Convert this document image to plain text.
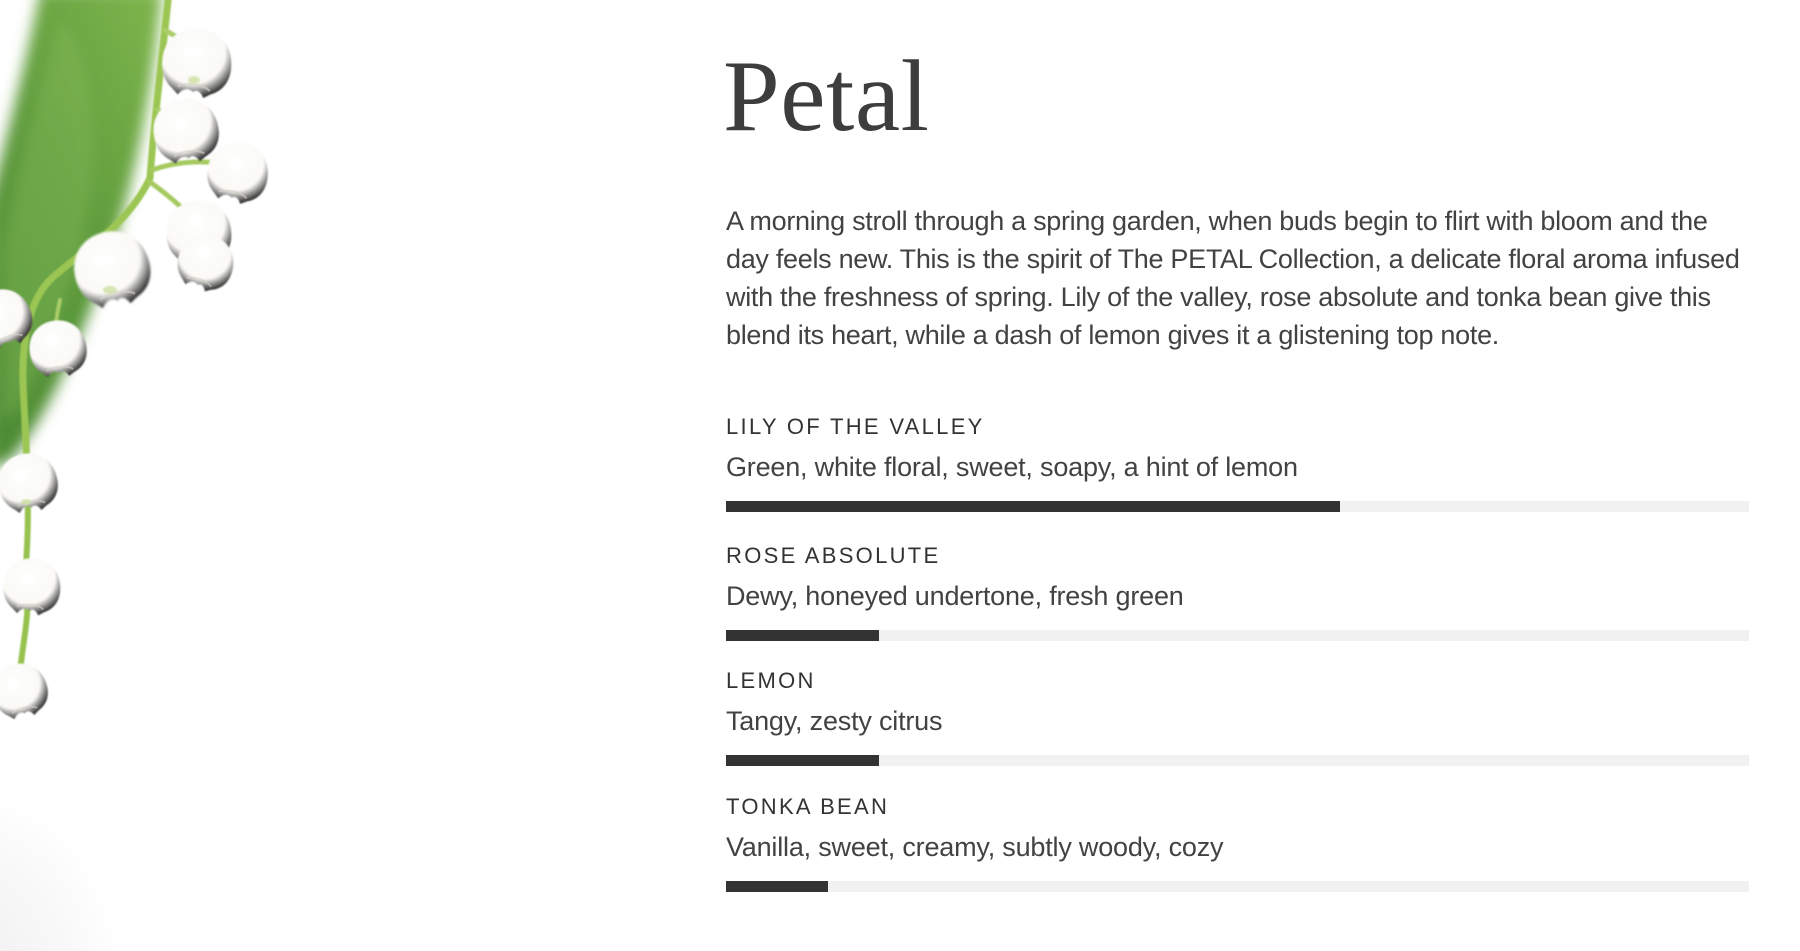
Petal

A morning stroll through a spring garden, when buds begin to flirt with bloom and the day feels new. This is the spirit of The PETAL Collection, a delicate floral aroma infused with the freshness of spring. Lily of the valley, rose absolute and tonka bean give this blend its heart, while a dash of lemon gives it a glistening top note.

LILY OF THE VALLEY

Green, white floral, sweet, soapy, a hint of lemon

ROSE ABSOLUTE

Dewy, honeyed undertone, fresh green

LEMON

Tangy, zesty citrus

TONKA BEAN

Vanilla, sweet, creamy, subtly woody, cozy
